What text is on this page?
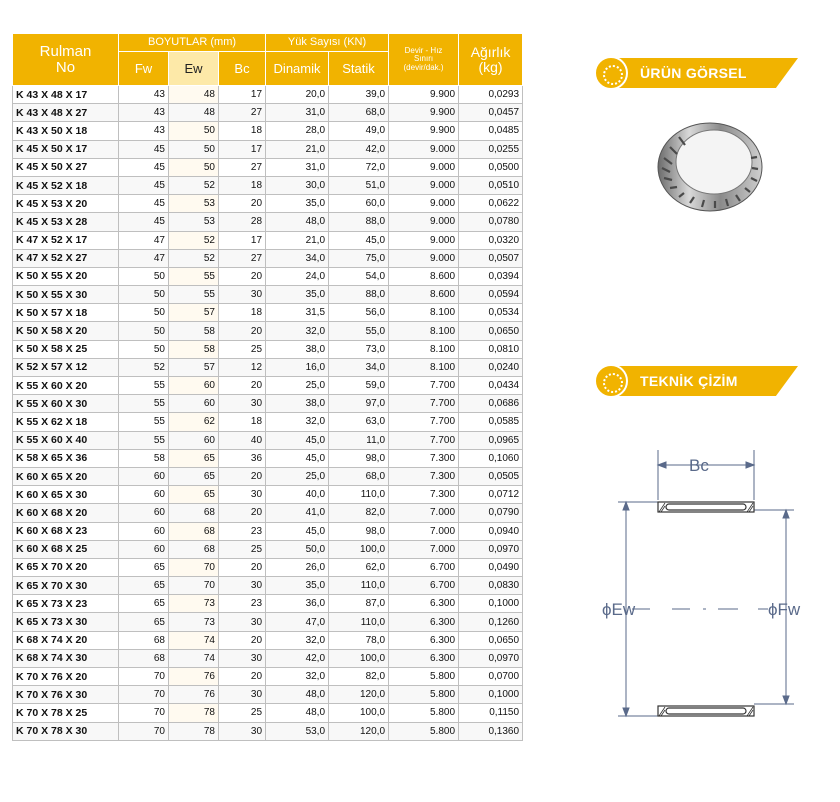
Rulman No	BOYUTLAR (mm)			Yük Sayısı (KN)		Devir - Hız Sınırı (devir/dak.)	Ağırlık (kg)
	Fw	Ew	Bc	Dinamik	Statik		
K 43 X 48 X 17	43	48	17	20,0	39,0	9.900	0,0293
K 43 X 48 X 27	43	48	27	31,0	68,0	9.900	0,0457
K 43 X 50 X 18	43	50	18	28,0	49,0	9.900	0,0485
K 45 X 50 X 17	45	50	17	21,0	42,0	9.000	0,0255
K 45 X 50 X 27	45	50	27	31,0	72,0	9.000	0,0500
K 45 X 52 X 18	45	52	18	30,0	51,0	9.000	0,0510
K 45 X 53 X 20	45	53	20	35,0	60,0	9.000	0,0622
K 45 X 53 X 28	45	53	28	48,0	88,0	9.000	0,0780
K 47 X 52 X 17	47	52	17	21,0	45,0	9.000	0,0320
K 47 X 52 X 27	47	52	27	34,0	75,0	9.000	0,0507
K 50 X 55 X 20	50	55	20	24,0	54,0	8.600	0,0394
K 50 X 55 X 30	50	55	30	35,0	88,0	8.600	0,0594
K 50 X 57 X 18	50	57	18	31,5	56,0	8.100	0,0534
K 50 X 58 X 20	50	58	20	32,0	55,0	8.100	0,0650
K 50 X 58 X 25	50	58	25	38,0	73,0	8.100	0,0810
K 52 X 57 X 12	52	57	12	16,0	34,0	8.100	0,0240
K 55 X 60 X 20	55	60	20	25,0	59,0	7.700	0,0434
K 55 X 60 X 30	55	60	30	38,0	97,0	7.700	0,0686
K 55 X 62 X 18	55	62	18	32,0	63,0	7.700	0,0585
K 55 X 60 X 40	55	60	40	45,0	11,0	7.700	0,0965
K 58 X 65 X 36	58	65	36	45,0	98,0	7.300	0,1060
K 60 X 65 X 20	60	65	20	25,0	68,0	7.300	0,0505
K 60 X 65 X 30	60	65	30	40,0	110,0	7.300	0,0712
K 60 X 68 X 20	60	68	20	41,0	82,0	7.000	0,0790
K 60 X 68 X 23	60	68	23	45,0	98,0	7.000	0,0940
K 60 X 68 X 25	60	68	25	50,0	100,0	7.000	0,0970
K 65 X 70 X 20	65	70	20	26,0	62,0	6.700	0,0490
K 65 X 70 X 30	65	70	30	35,0	110,0	6.700	0,0830
K 65 X 73 X 23	65	73	23	36,0	87,0	6.300	0,1000
K 65 X 73 X 30	65	73	30	47,0	110,0	6.300	0,1260
K 68 X 74 X 20	68	74	20	32,0	78,0	6.300	0,0650
K 68 X 74 X 30	68	74	30	42,0	100,0	6.300	0,0970
K 70 X 76 X 20	70	76	20	32,0	82,0	5.800	0,0700
K 70 X 76 X 30	70	76	30	48,0	120,0	5.800	0,1000
K 70 X 78 X 25	70	78	25	48,0	100,0	5.800	0,1150
K 70 X 78 X 30	70	78	30	53,0	120,0	5.800	0,1360
ÜRÜN GÖRSEL
TEKNİK ÇİZİM
Bc
ϕEw	ϕFw
